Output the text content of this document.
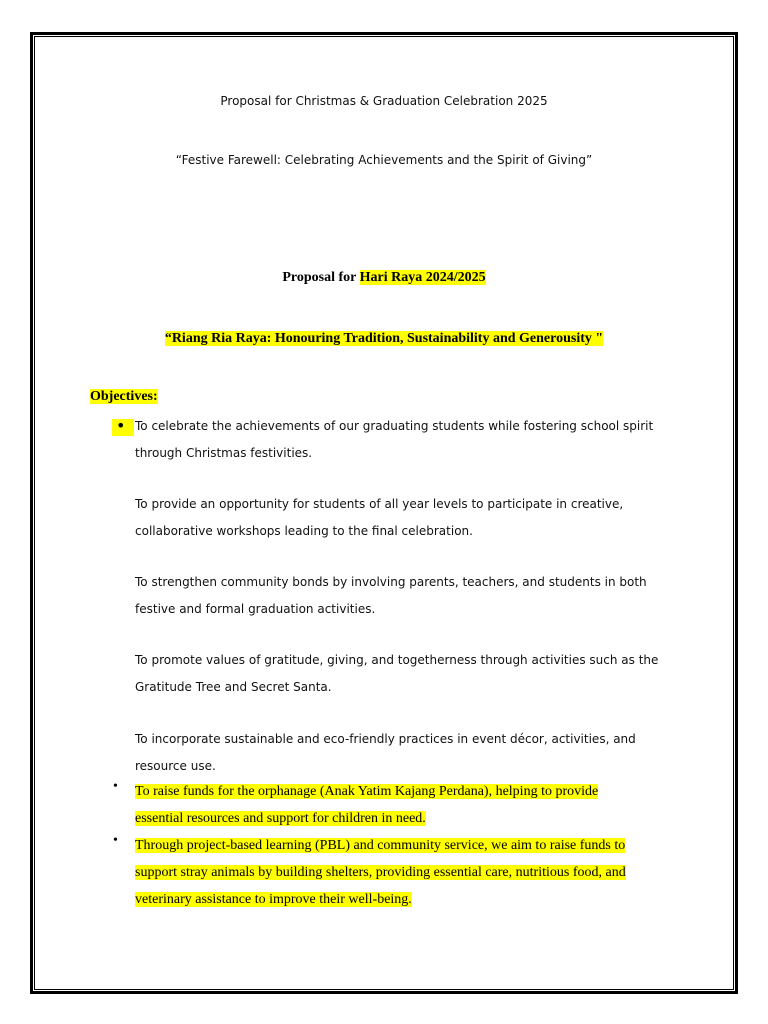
Proposal for Christmas & Graduation Celebration 2025
“Festive Farewell: Celebrating Achievements and the Spirit of Giving”
Proposal for Hari Raya 2024/2025
“Riang Ria Raya: Honouring Tradition, Sustainability and Generousity "
Objectives:
• To celebrate the achievements of our graduating students while fostering school spirit through Christmas festivities.
To provide an opportunity for students of all year levels to participate in creative, collaborative workshops leading to the final celebration.
To strengthen community bonds by involving parents, teachers, and students in both festive and formal graduation activities.
To promote values of gratitude, giving, and togetherness through activities such as the Gratitude Tree and Secret Santa.
To incorporate sustainable and eco-friendly practices in event décor, activities, and resource use.
• To raise funds for the orphanage (Anak Yatim Kajang Perdana), helping to provide
essential resources and support for children in need.
• Through project-based learning (PBL) and community service, we aim to raise funds to
support stray animals by building shelters, providing essential care, nutritious food, and
veterinary assistance to improve their well-being.
